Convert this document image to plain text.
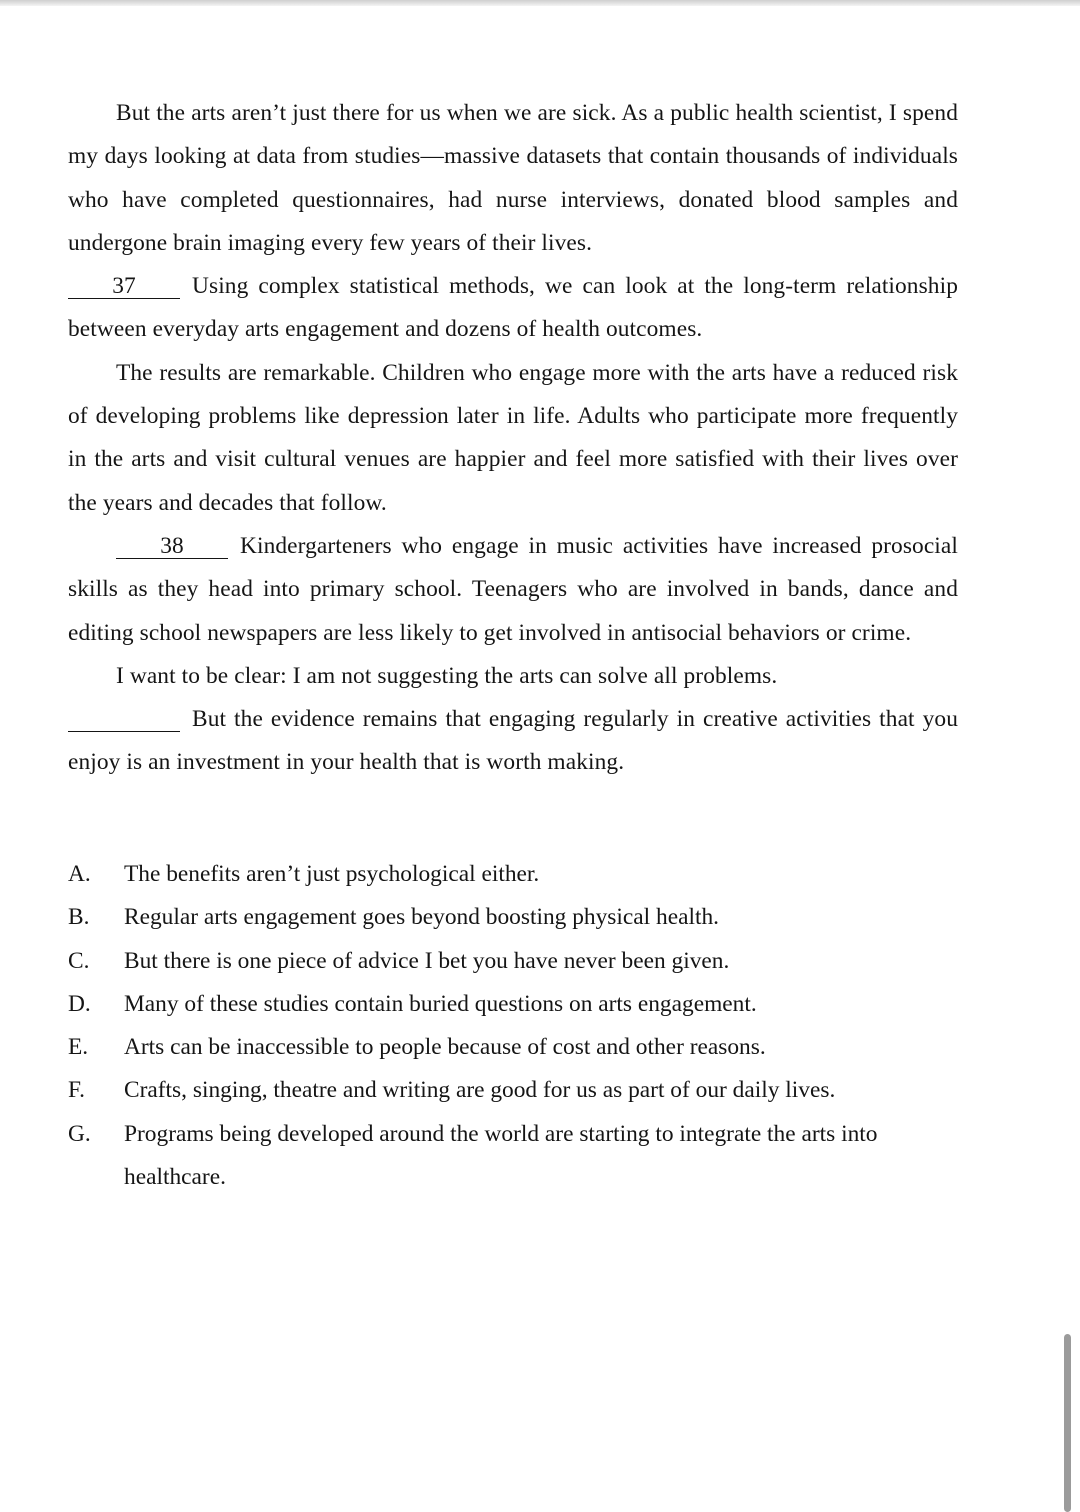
But the arts aren’t just there for us when we are sick. As a public health scientist, I spend my days looking at data from studies—massive datasets that contain thousands of individuals who have completed questionnaires, had nurse interviews, donated blood samples and undergone brain imaging every few years of their lives.
37 Using complex statistical methods, we can look at the long-term relationship between everyday arts engagement and dozens of health outcomes.

The results are remarkable. Children who engage more with the arts have a reduced risk of developing problems like depression later in life. Adults who participate more frequently in the arts and visit cultural venues are happier and feel more satisfied with their lives over the years and decades that follow.

38 Kindergarteners who engage in music activities have increased prosocial skills as they head into primary school. Teenagers who are involved in bands, dance and editing school newspapers are less likely to get involved in antisocial behaviors or crime.

I want to be clear: I am not suggesting the arts can solve all problems.
But the evidence remains that engaging regularly in creative activities that you enjoy is an investment in your health that is worth making.

A.	The benefits aren’t just psychological either.
B.	Regular arts engagement goes beyond boosting physical health.
C.	But there is one piece of advice I bet you have never been given.
D.	Many of these studies contain buried questions on arts engagement.
E.	Arts can be inaccessible to people because of cost and other reasons.
F.	Crafts, singing, theatre and writing are good for us as part of our daily lives.
G.	Programs being developed around the world are starting to integrate the arts into healthcare.
